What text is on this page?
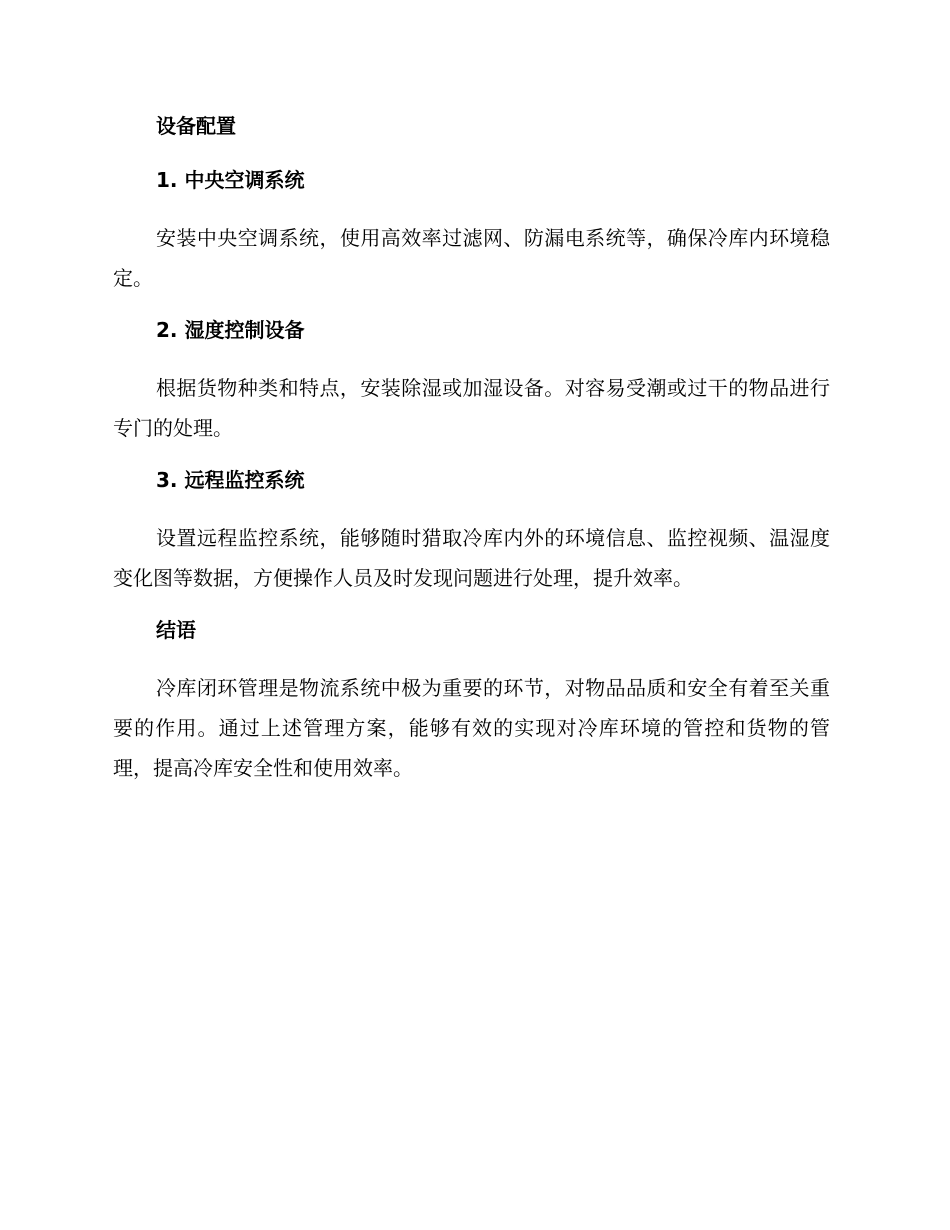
设备配置
1. 中央空调系统
安装中央空调系统，使用高效率过滤网、防漏电系统等，确保冷库内环境稳定。
2. 湿度控制设备
根据货物种类和特点，安装除湿或加湿设备。对容易受潮或过干的物品进行专门的处理。
3. 远程监控系统
设置远程监控系统，能够随时猎取冷库内外的环境信息、监控视频、温湿度变化图等数据，方便操作人员及时发现问题进行处理，提升效率。
结语
冷库闭环管理是物流系统中极为重要的环节，对物品品质和安全有着至关重要的作用。通过上述管理方案，能够有效的实现对冷库环境的管控和货物的管理，提高冷库安全性和使用效率。
